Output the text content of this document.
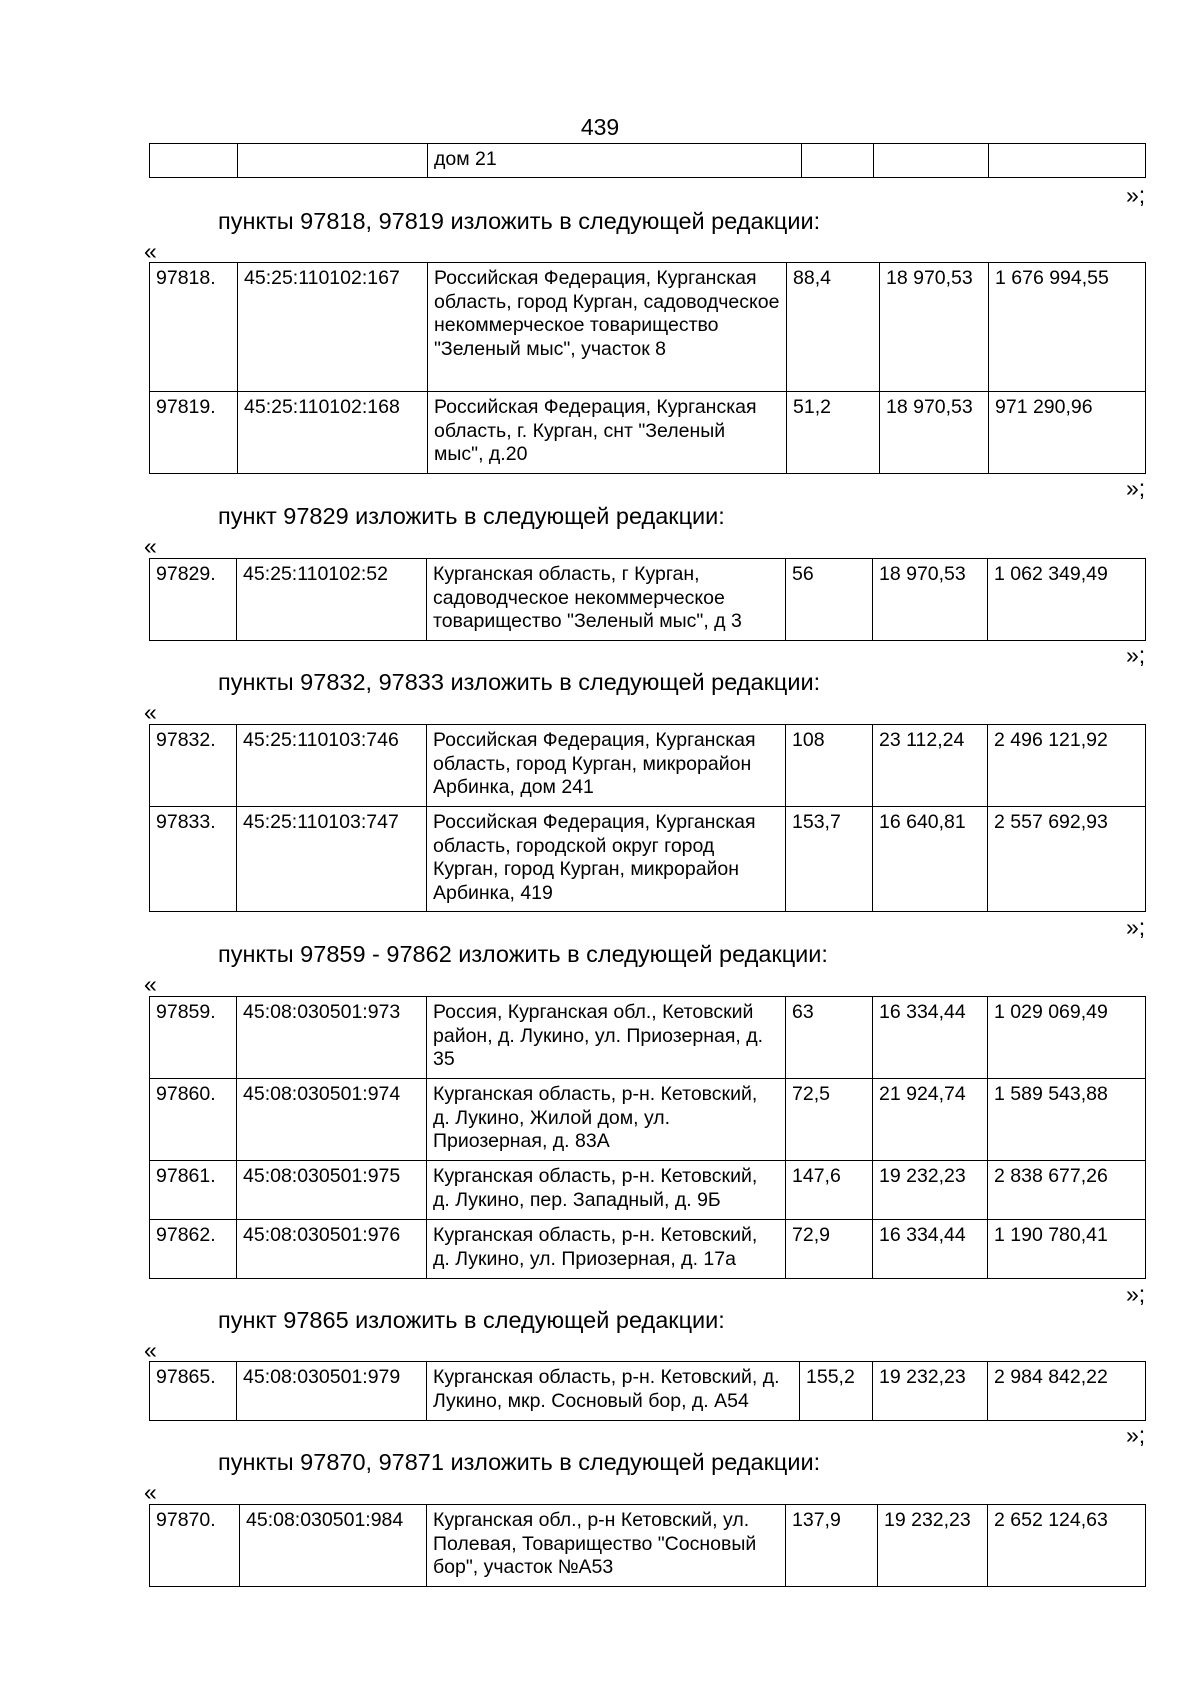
439
		дом 21			
»;
пункты 97818, 97819 изложить в следующей редакции:
«
97818.	45:25:110102:167	Российская Федерация, Курганская область, город Курган, садоводческое некоммерческое товарищество "Зеленый мыс", участок 8	88,4	18 970,53	1 676 994,55
97819.	45:25:110102:168	Российская Федерация, Курганская область, г. Курган, снт "Зеленый мыс", д.20	51,2	18 970,53	971 290,96
»;
пункт 97829 изложить в следующей редакции:
«
97829.	45:25:110102:52	Курганская область, г Курган, садоводческое некоммерческое товарищество "Зеленый мыс", д 3	56	18 970,53	1 062 349,49
»;
пункты 97832, 97833 изложить в следующей редакции:
«
97832.	45:25:110103:746	Российская Федерация, Курганская область, город Курган, микрорайон Арбинка, дом 241	108	23 112,24	2 496 121,92
97833.	45:25:110103:747	Российская Федерация, Курганская область, городской округ город Курган, город Курган, микрорайон Арбинка, 419	153,7	16 640,81	2 557 692,93
»;
пункты 97859 - 97862 изложить в следующей редакции:
«
97859.	45:08:030501:973	Россия, Курганская обл., Кетовский район, д. Лукино, ул. Приозерная, д. 35	63	16 334,44	1 029 069,49
97860.	45:08:030501:974	Курганская область, р-н. Кетовский, д. Лукино, Жилой дом, ул. Приозерная, д. 83А	72,5	21 924,74	1 589 543,88
97861.	45:08:030501:975	Курганская область, р-н. Кетовский, д. Лукино, пер. Западный, д. 9Б	147,6	19 232,23	2 838 677,26
97862.	45:08:030501:976	Курганская область, р-н. Кетовский, д. Лукино, ул. Приозерная, д. 17а	72,9	16 334,44	1 190 780,41
»;
пункт 97865 изложить в следующей редакции:
«
97865.	45:08:030501:979	Курганская область, р-н. Кетовский, д. Лукино, мкр. Сосновый бор, д. А54	155,2	19 232,23	2 984 842,22
»;
пункты 97870, 97871 изложить в следующей редакции:
«
97870.	45:08:030501:984	Курганская обл., р-н Кетовский, ул. Полевая, Товарищество "Сосновый бор", участок №А53	137,9	19 232,23	2 652 124,63
